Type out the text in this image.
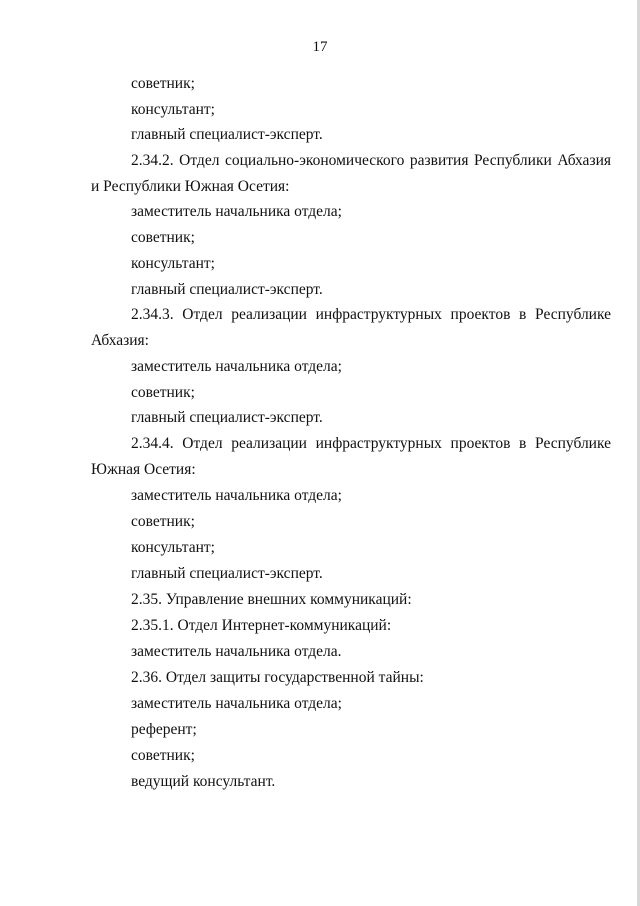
17
советник;
консультант;
главный специалист-эксперт.
2.34.2. Отдел социально-экономического развития Республики Абхазия
и Республики Южная Осетия:
заместитель начальника отдела;
советник;
консультант;
главный специалист-эксперт.
2.34.3. Отдел реализации инфраструктурных проектов в Республике
Абхазия:
заместитель начальника отдела;
советник;
главный специалист-эксперт.
2.34.4. Отдел реализации инфраструктурных проектов в Республике
Южная Осетия:
заместитель начальника отдела;
советник;
консультант;
главный специалист-эксперт.
2.35. Управление внешних коммуникаций:
2.35.1. Отдел Интернет-коммуникаций:
заместитель начальника отдела.
2.36. Отдел защиты государственной тайны:
заместитель начальника отдела;
референт;
советник;
ведущий консультант.
